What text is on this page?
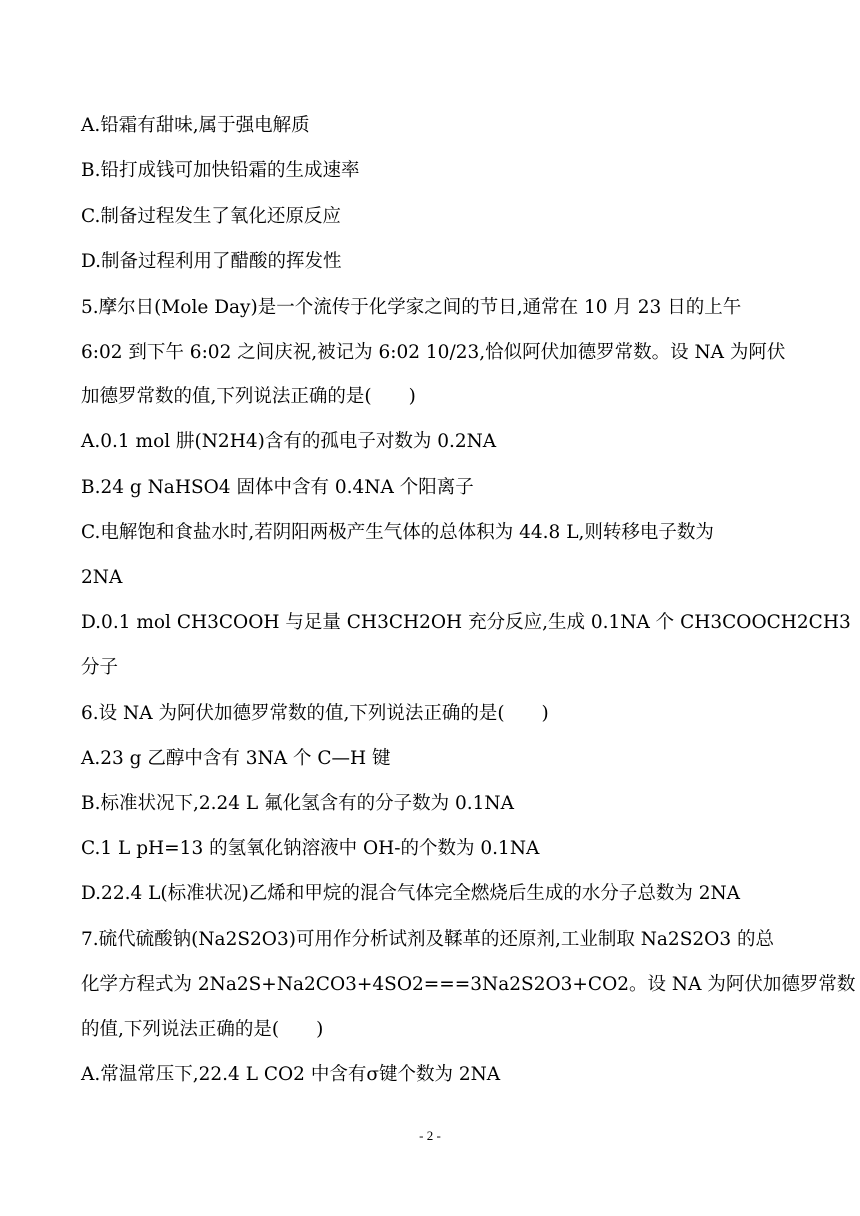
A.铅霜有甜味,属于强电解质
B.铅打成钱可加快铅霜的生成速率
C.制备过程发生了氧化还原反应
D.制备过程利用了醋酸的挥发性
5.摩尔日(Mole Day)是一个流传于化学家之间的节日,通常在 10 月 23 日的上午
6:02 到下午 6:02 之间庆祝,被记为 6:02 10/23,恰似阿伏加德罗常数。设 NA 为阿伏
加德罗常数的值,下列说法正确的是(　　)
A.0.1 mol 肼(N2H4)含有的孤电子对数为 0.2NA
B.24 g NaHSO4 固体中含有 0.4NA 个阳离子
C.电解饱和食盐水时,若阴阳两极产生气体的总体积为 44.8 L,则转移电子数为
2NA
D.0.1 mol CH3COOH 与足量 CH3CH2OH 充分反应,生成 0.1NA 个 CH3COOCH2CH3
分子
6.设 NA 为阿伏加德罗常数的值,下列说法正确的是(　　)
A.23 g 乙醇中含有 3NA 个 C—H 键
B.标准状况下,2.24 L 氟化氢含有的分子数为 0.1NA
C.1 L pH=13 的氢氧化钠溶液中 OH-的个数为 0.1NA
D.22.4 L(标准状况)乙烯和甲烷的混合气体完全燃烧后生成的水分子总数为 2NA
7.硫代硫酸钠(Na2S2O3)可用作分析试剂及鞣革的还原剂,工业制取 Na2S2O3 的总
化学方程式为 2Na2S+Na2CO3+4SO2===3Na2S2O3+CO2。设 NA 为阿伏加德罗常数
的值,下列说法正确的是(　　)
A.常温常压下,22.4 L CO2 中含有σ键个数为 2NA
- 2 -
